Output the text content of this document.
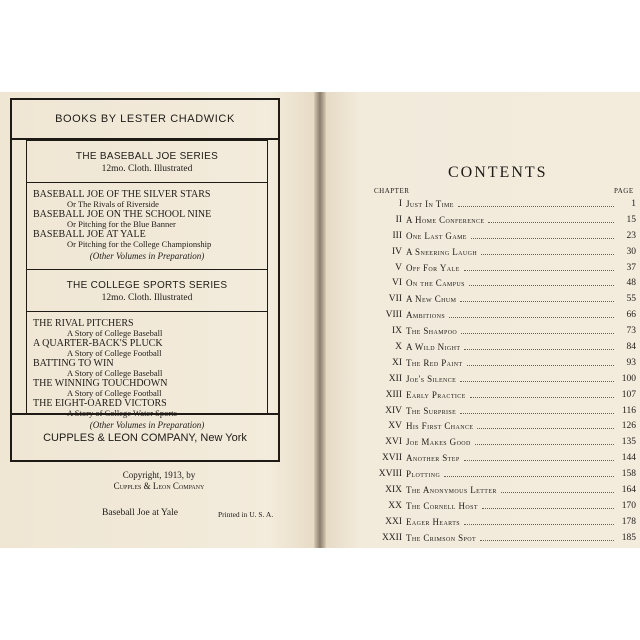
BOOKS BY LESTER CHADWICK
THE BASEBALL JOE SERIES
12mo. Cloth. Illustrated
BASEBALL JOE OF THE SILVER STARS
Or The Rivals of Riverside
BASEBALL JOE ON THE SCHOOL NINE
Or Pitching for the Blue Banner
BASEBALL JOE AT YALE
Or Pitching for the College Championship
(Other Volumes in Preparation)
THE COLLEGE SPORTS SERIES
12mo. Cloth. Illustrated
THE RIVAL PITCHERS
A Story of College Baseball
A QUARTER-BACK'S PLUCK
A Story of College Football
BATTING TO WIN
A Story of College Baseball
THE WINNING TOUCHDOWN
A Story of College Football
THE EIGHT-OARED VICTORS
A Story of College Water Sports
(Other Volumes in Preparation)
CUPPLES & LEON COMPANY, New York
Copyright, 1913, by
Cupples & Leon Company
Baseball Joe at Yale	Printed in U. S. A.
CONTENTS
CHAPTER	PAGE
I Just In Time	1
II A Home Conference	15
III One Last Game	23
IV A Sneering Laugh	30
V Off For Yale	37
VI On the Campus	48
VII A New Chum	55
VIII Ambitions	66
IX The Shampoo	73
X A Wild Night	84
XI The Red Paint	93
XII Joe's Silence	100
XIII Early Practice	107
XIV The Surprise	116
XV His First Chance	126
XVI Joe Makes Good	135
XVII Another Step	144
XVIII Plotting	158
XIX The Anonymous Letter	164
XX The Cornell Host	170
XXI Eager Hearts	178
XXII The Crimson Spot	185
